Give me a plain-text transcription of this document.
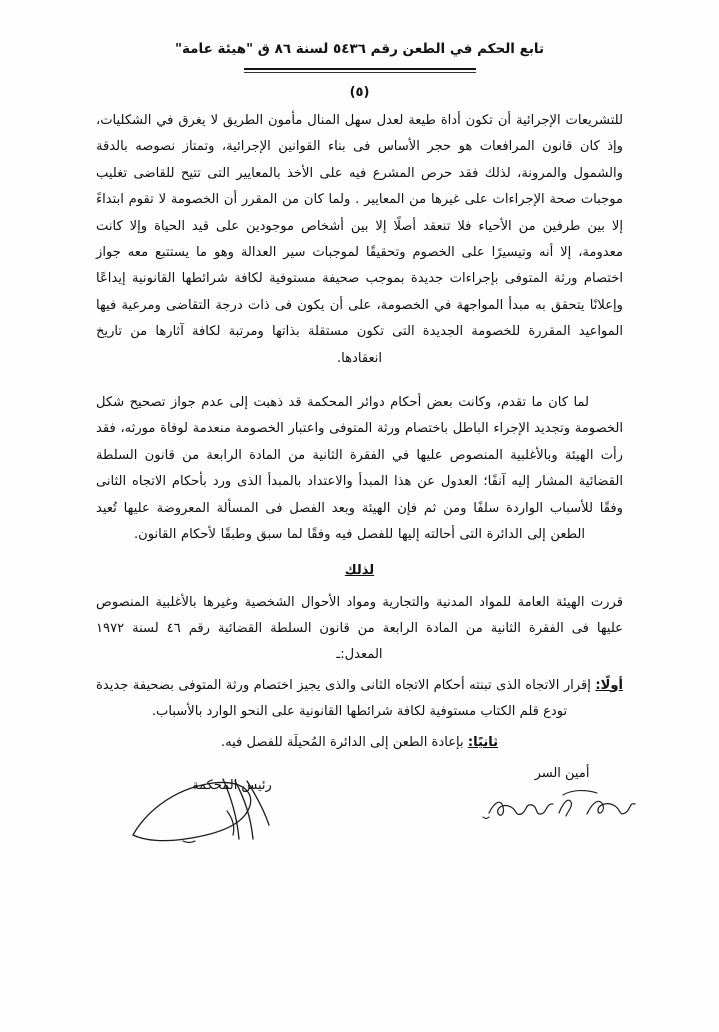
تابع الحكم في الطعن رقم ٥٤٣٦ لسنة ٨٦ ق "هيئة عامة"
(٥)

للتشريعات الإجرائية أن تكون أداة طيعة لعدل سهل المنال مأمون الطريق لا يغرق في الشكليات، وإذ كان قانون المرافعات هو حجر الأساس فى بناء القوانين الإجرائية، وتمتاز نصوصه بالدقة والشمول والمرونة، لذلك فقد حرص المشرع فيه على الأخذ بالمعايير التى تتيح للقاضى تغليب موجبات صحة الإجراءات على غيرها من المعايير . ولما كان من المقرر أن الخصومة لا تقوم ابتداءً إلا بين طرفين من الأحياء فلا تنعقد أصلًا إلا بين أشخاص موجودين على قيد الحياة وإلا كانت معدومة، إلا أنه وتيسيرًا على الخصوم وتحقيقًا لموجبات سير العدالة وهو ما يستتبع معه جواز اختصام ورثة المتوفى بإجراءات جديدة بموجب صحيفة مستوفية لكافة شرائطها القانونية إيداعًا وإعلانًا يتحقق به مبدأ المواجهة في الخصومة، على أن يكون فى ذات درجة التقاضى ومرعية فيها المواعيد المقررة للخصومة الجديدة التى تكون مستقلة بذاتها ومرتبة لكافة آثارها من تاريخ انعقادها.

لما كان ما تقدم، وكانت بعض أحكام دوائر المحكمة قد ذهبت إلى عدم جواز تصحيح شكل الخصومة وتجديد الإجراء الباطل باختصام ورثة المتوفى واعتبار الخصومة منعدمة لوفاة مورثه، فقد رأت الهيئة وبالأغلبية المنصوص عليها في الفقرة الثانية من المادة الرابعة من قانون السلطة القضائية المشار إليه آنفًا؛ العدول عن هذا المبدأ والاعتداد بالمبدأ الذى ورد بأحكام الاتجاه الثانى وفقًا للأسباب الواردة سلفًا ومن ثم فإن الهيئة وبعد الفصل فى المسألة المعروضة عليها تُعيد الطعن إلى الدائرة التى أحالته إليها للفصل فيه وفقًا لما سبق وطبقًا لأحكام القانون.

لذلك

قررت الهيئة العامة للمواد المدنية والتجارية ومواد الأحوال الشخصية وغيرها بالأغلبية المنصوص عليها فى الفقرة الثانية من المادة الرابعة من قانون السلطة القضائية رقم ٤٦ لسنة ١٩٧٢ المعدل:ـ

أولًا: إقرار الاتجاه الذى تبنته أحكام الاتجاه الثانى والذى يجيز اختصام ورثة المتوفى بصحيفة جديدة تودع قلم الكتاب مستوفية لكافة شرائطها القانونية على النحو الوارد بالأسباب.
ثانيًا: بإعادة الطعن إلى الدائرة المُحيلَة للفصل فيه.
أمين السر
رئيس المحكمة
